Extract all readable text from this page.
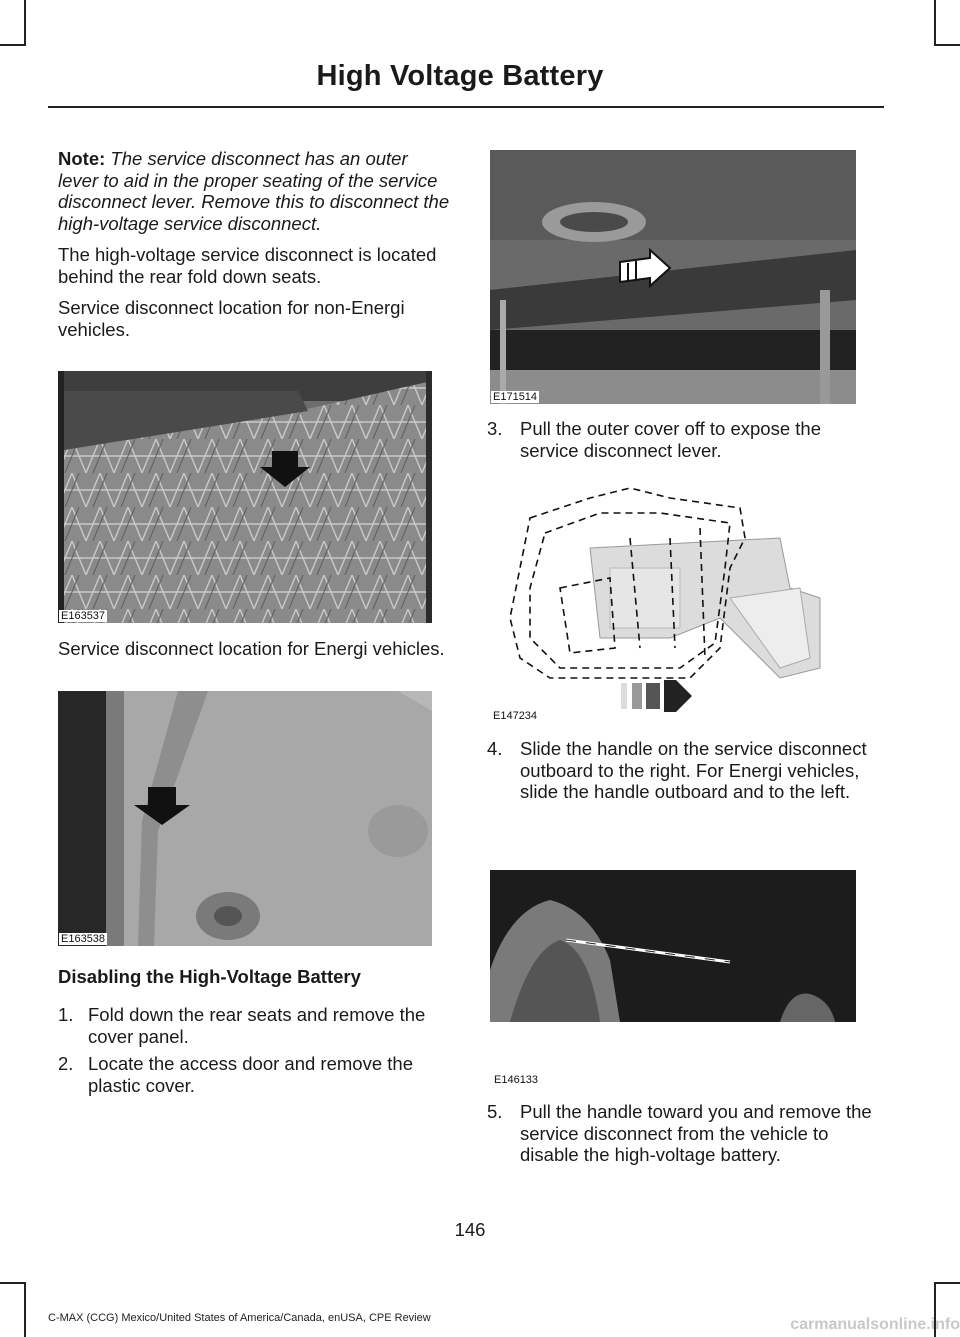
High Voltage Battery

Note: The service disconnect has an outer lever to aid in the proper seating of the service disconnect lever. Remove this to disconnect the high-voltage service disconnect.

The high-voltage service disconnect is located behind the rear fold down seats.

Service disconnect location for non-Energi vehicles.

E163537

Service disconnect location for Energi vehicles.

E163538
Disabling the High-Voltage Battery
1. Fold down the rear seats and remove the cover panel.
2. Locate the access door and remove the plastic cover.
E171514
3. Pull the outer cover off to expose the service disconnect lever.
E147234
4. Slide the handle on the service disconnect outboard to the right. For Energi vehicles, slide the handle outboard and to the left.
E146133
5. Pull the handle toward you and remove the service disconnect from the vehicle to disable the high-voltage battery.
146
C-MAX (CCG) Mexico/United States of America/Canada, enUSA, CPE Review	carmanualsonline.info
